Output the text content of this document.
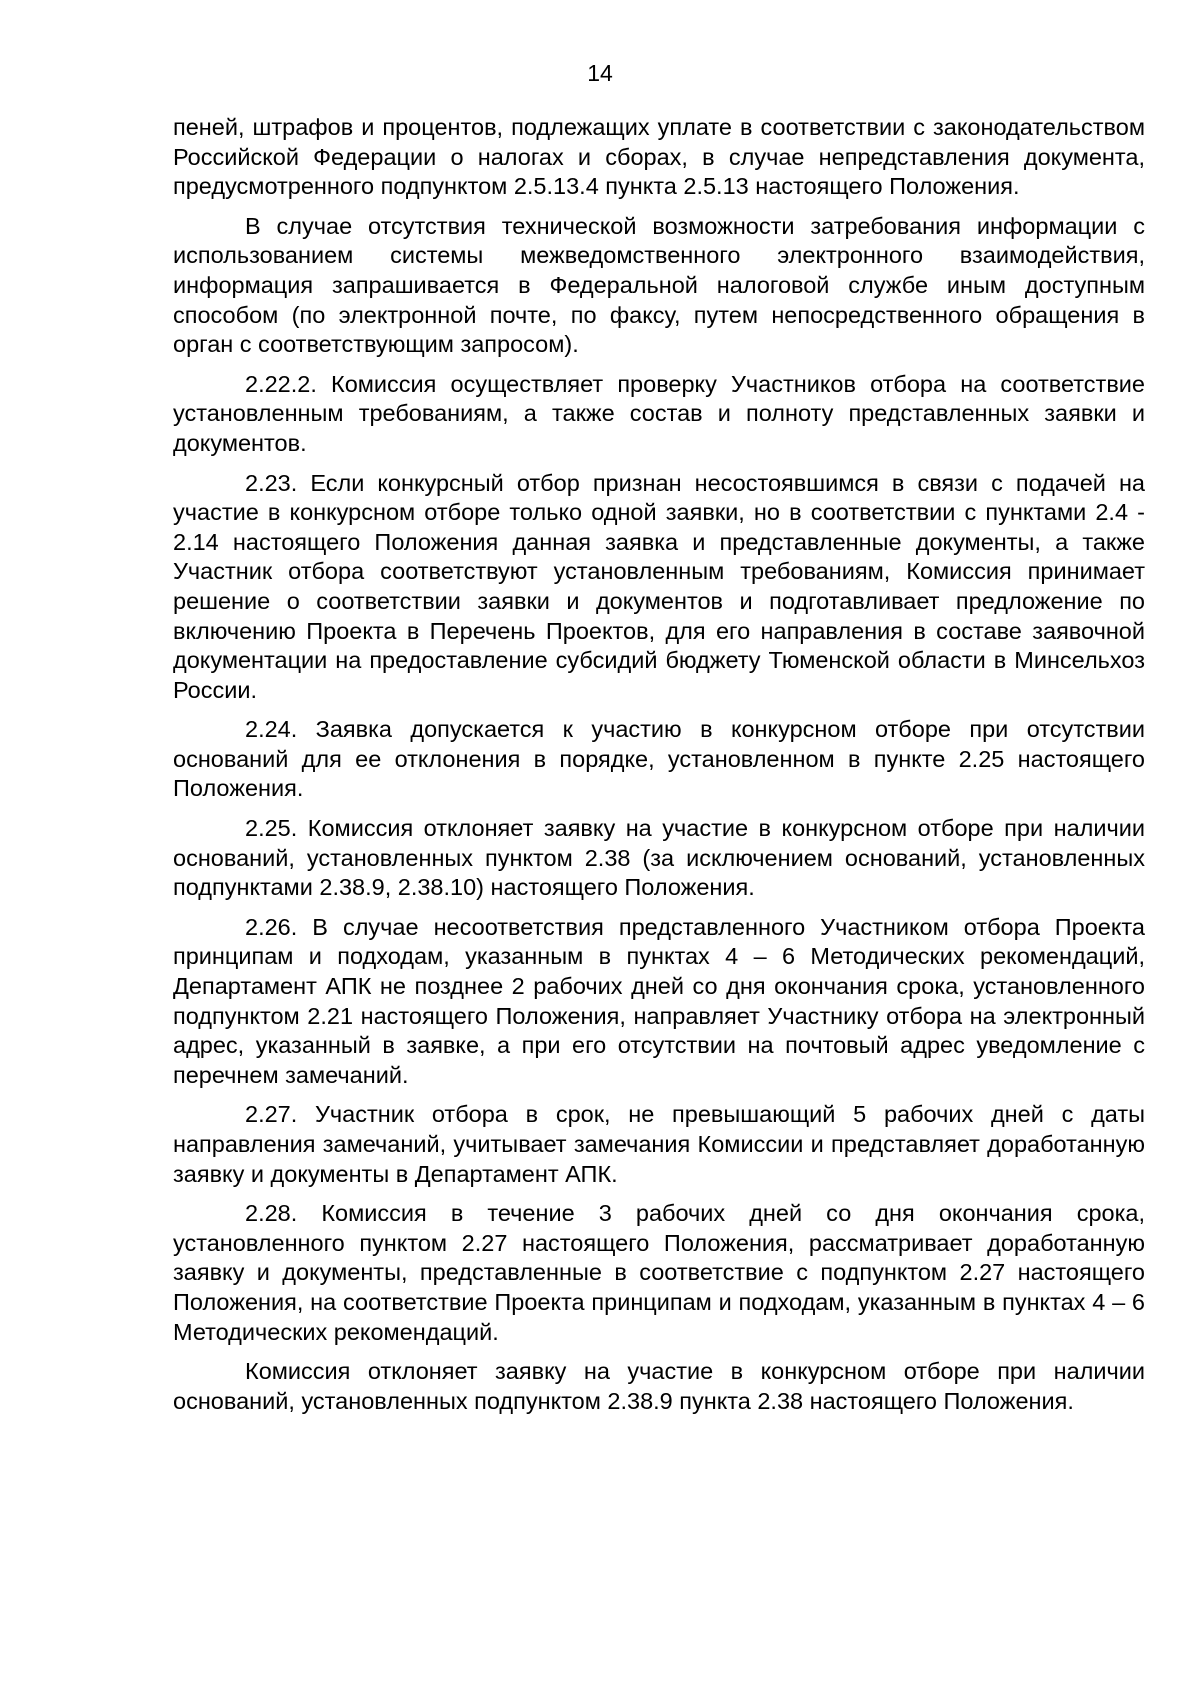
14

пеней, штрафов и процентов, подлежащих уплате в соответствии с законодательством Российской Федерации о налогах и сборах, в случае непредставления документа, предусмотренного подпунктом 2.5.13.4 пункта 2.5.13 настоящего Положения.

В случае отсутствия технической возможности затребования информации с использованием системы межведомственного электронного взаимодействия, информация запрашивается в Федеральной налоговой службе иным доступным способом (по электронной почте, по факсу, путем непосредственного обращения в орган с соответствующим запросом).

2.22.2. Комиссия осуществляет проверку Участников отбора на соответствие установленным требованиям, а также состав и полноту представленных заявки и документов.

2.23. Если конкурсный отбор признан несостоявшимся в связи с подачей на участие в конкурсном отборе только одной заявки, но в соответствии с пунктами 2.4 - 2.14 настоящего Положения данная заявка и представленные документы, а также Участник отбора соответствуют установленным требованиям, Комиссия принимает решение о соответствии заявки и документов и подготавливает предложение по включению Проекта в Перечень Проектов, для его направления в составе заявочной документации на предоставление субсидий бюджету Тюменской области в Минсельхоз России.

2.24. Заявка допускается к участию в конкурсном отборе при отсутствии оснований для ее отклонения в порядке, установленном в пункте 2.25 настоящего Положения.

2.25. Комиссия отклоняет заявку на участие в конкурсном отборе при наличии оснований, установленных пунктом 2.38 (за исключением оснований, установленных подпунктами 2.38.9, 2.38.10) настоящего Положения.

2.26. В случае несоответствия представленного Участником отбора Проекта принципам и подходам, указанным в пунктах 4 – 6 Методических рекомендаций, Департамент АПК не позднее 2 рабочих дней со дня окончания срока, установленного подпунктом 2.21 настоящего Положения, направляет Участнику отбора на электронный адрес, указанный в заявке, а при его отсутствии на почтовый адрес уведомление с перечнем замечаний.

2.27. Участник отбора в срок, не превышающий 5 рабочих дней с даты направления замечаний, учитывает замечания Комиссии и представляет доработанную заявку и документы в Департамент АПК.

2.28. Комиссия в течение 3 рабочих дней со дня окончания срока, установленного пунктом 2.27 настоящего Положения, рассматривает доработанную заявку и документы, представленные в соответствие с подпунктом 2.27 настоящего Положения, на соответствие Проекта принципам и подходам, указанным в пунктах 4 – 6 Методических рекомендаций.

Комиссия отклоняет заявку на участие в конкурсном отборе при наличии оснований, установленных подпунктом 2.38.9 пункта 2.38 настоящего Положения.
